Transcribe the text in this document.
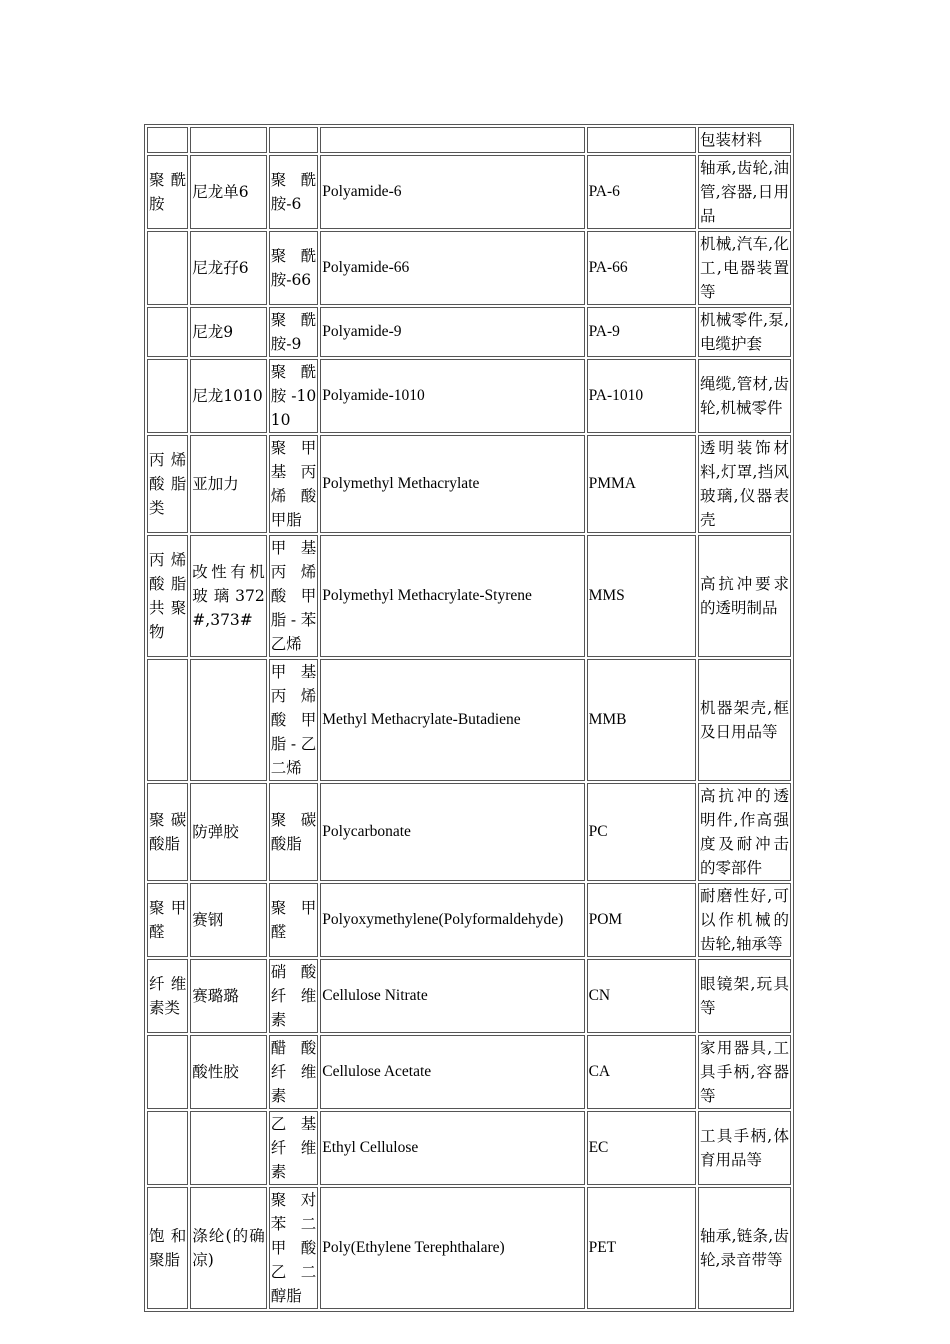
					包装材料
聚酰胺	尼龙单6	聚酰胺-6	Polyamide-6	PA-6	轴承,齿轮,油管,容器,日用品
	尼龙孖6	聚酰胺-66	Polyamide-66	PA-66	机械,汽车,化工,电器装置等
	尼龙9	聚酰胺-9	Polyamide-9	PA-9	机械零件,泵,电缆护套
	尼龙1010	聚酰胺-1010	Polyamide-1010	PA-1010	绳缆,管材,齿轮,机械零件
丙烯酸脂类	亚加力	聚甲基丙烯酸甲脂	Polymethyl Methacrylate	PMMA	透明装饰材料,灯罩,挡风玻璃,仪器表壳
丙烯酸脂共聚物	改性有机玻璃372#,373#	甲基丙烯酸甲脂-苯乙烯	Polymethyl Methacrylate-Styrene	MMS	高抗冲要求的透明制品
		甲基丙烯酸甲脂-乙二烯	Methyl Methacrylate-Butadiene	MMB	机器架壳,框及日用品等
聚碳酸脂	防弹胶	聚碳酸脂	Polycarbonate	PC	高抗冲的透明件,作高强度及耐冲击的零部件
聚甲醛	赛钢	聚甲醛	Polyoxymethylene(Polyformaldehyde)	POM	耐磨性好,可以作机械的齿轮,轴承等
纤维素类	赛璐璐	硝酸纤维素	Cellulose Nitrate	CN	眼镜架,玩具等
	酸性胶	醋酸纤维素	Cellulose Acetate	CA	家用器具,工具手柄,容器等
		乙基纤维素	Ethyl Cellulose	EC	工具手柄,体育用品等
饱和聚脂	涤纶(的确凉)	聚对苯二甲酸乙二醇脂	Poly(Ethylene Terephthalare)	PET	轴承,链条,齿轮,录音带等
